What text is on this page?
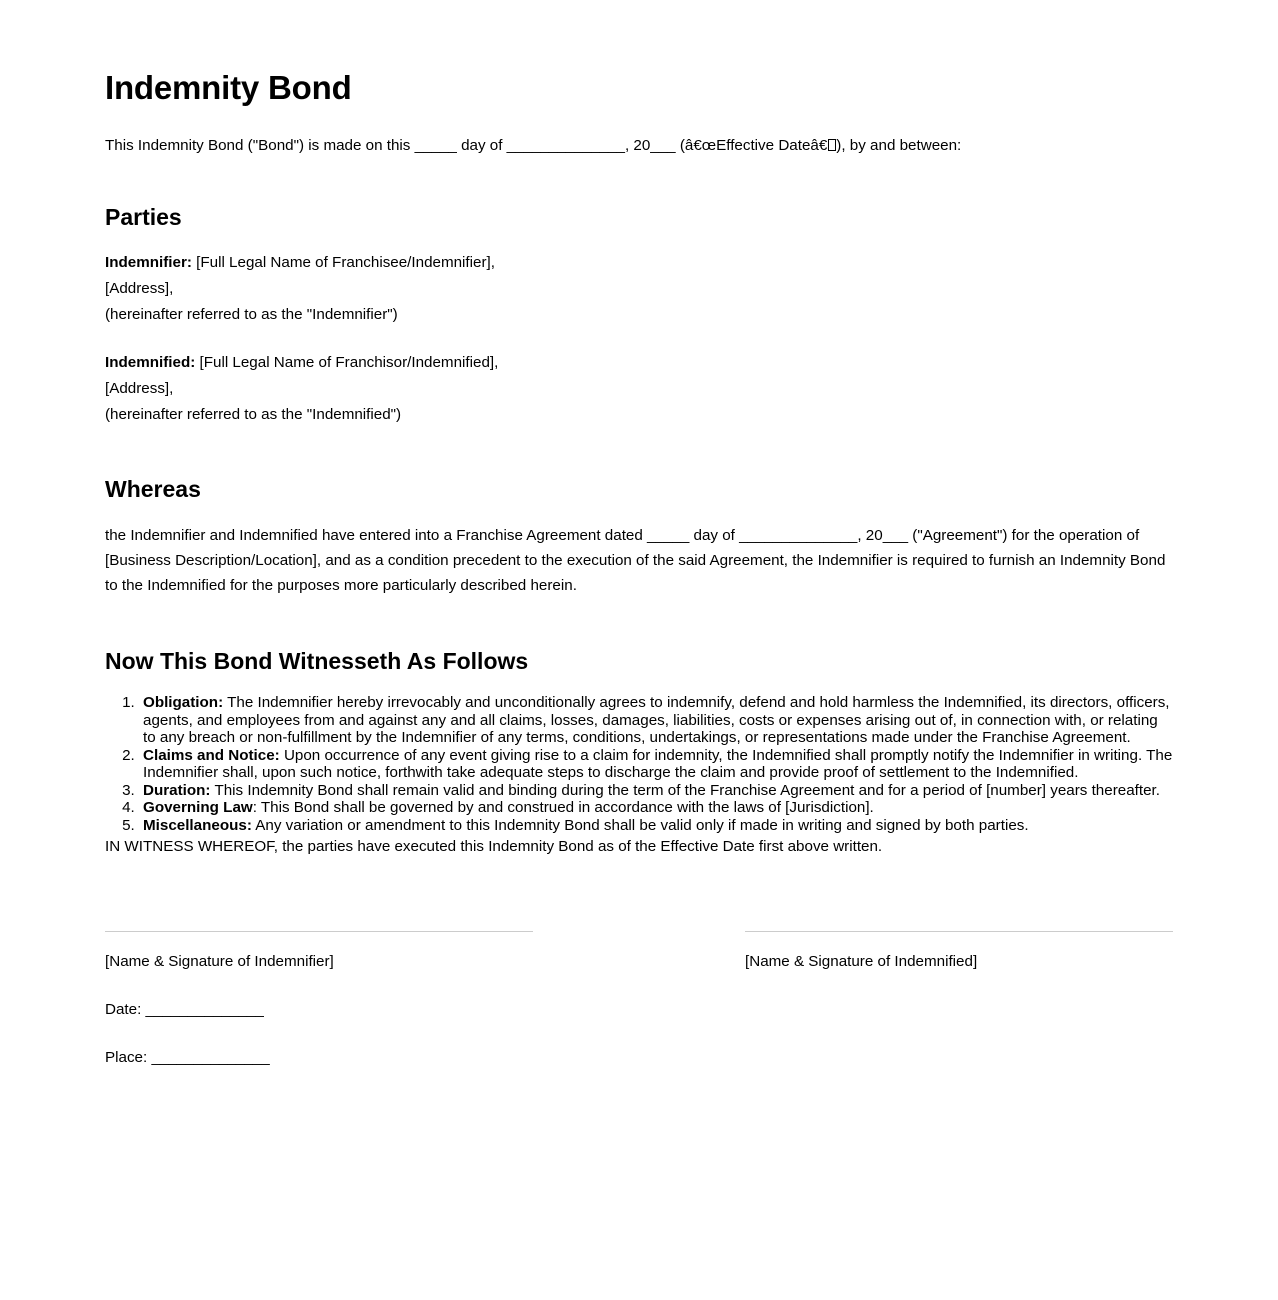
Indemnity Bond

This Indemnity Bond ("Bond") is made on this _____ day of ______________, 20___ (â€œEffective Dateâ€ ), by and between:

Parties

Indemnifier: [Full Legal Name of Franchisee/Indemnifier],

[Address],

(hereinafter referred to as the "Indemnifier")

Indemnified: [Full Legal Name of Franchisor/Indemnified],

[Address],

(hereinafter referred to as the "Indemnified")

Whereas

the Indemnifier and Indemnified have entered into a Franchise Agreement dated _____ day of ______________, 20___ ("Agreement") for the operation of [Business Description/Location], and as a condition precedent to the execution of the said Agreement, the Indemnifier is required to furnish an Indemnity Bond to the Indemnified for the purposes more particularly described herein.

Now This Bond Witnesseth As Follows
1. Obligation: The Indemnifier hereby irrevocably and unconditionally agrees to indemnify, defend and hold harmless the Indemnified, its directors, officers, agents, and employees from and against any and all claims, losses, damages, liabilities, costs or expenses arising out of, in connection with, or relating to any breach or non-fulfillment by the Indemnifier of any terms, conditions, undertakings, or representations made under the Franchise Agreement.
2. Claims and Notice: Upon occurrence of any event giving rise to a claim for indemnity, the Indemnified shall promptly notify the Indemnifier in writing. The Indemnifier shall, upon such notice, forthwith take adequate steps to discharge the claim and provide proof of settlement to the Indemnified.
3. Duration: This Indemnity Bond shall remain valid and binding during the term of the Franchise Agreement and for a period of [number] years thereafter.
4. Governing Law: This Bond shall be governed by and construed in accordance with the laws of [Jurisdiction].
5. Miscellaneous: Any variation or amendment to this Indemnity Bond shall be valid only if made in writing and signed by both parties.

IN WITNESS WHEREOF, the parties have executed this Indemnity Bond as of the Effective Date first above written.

[Name & Signature of Indemnifier]

Date: ______________

Place: ______________

[Name & Signature of Indemnified]
